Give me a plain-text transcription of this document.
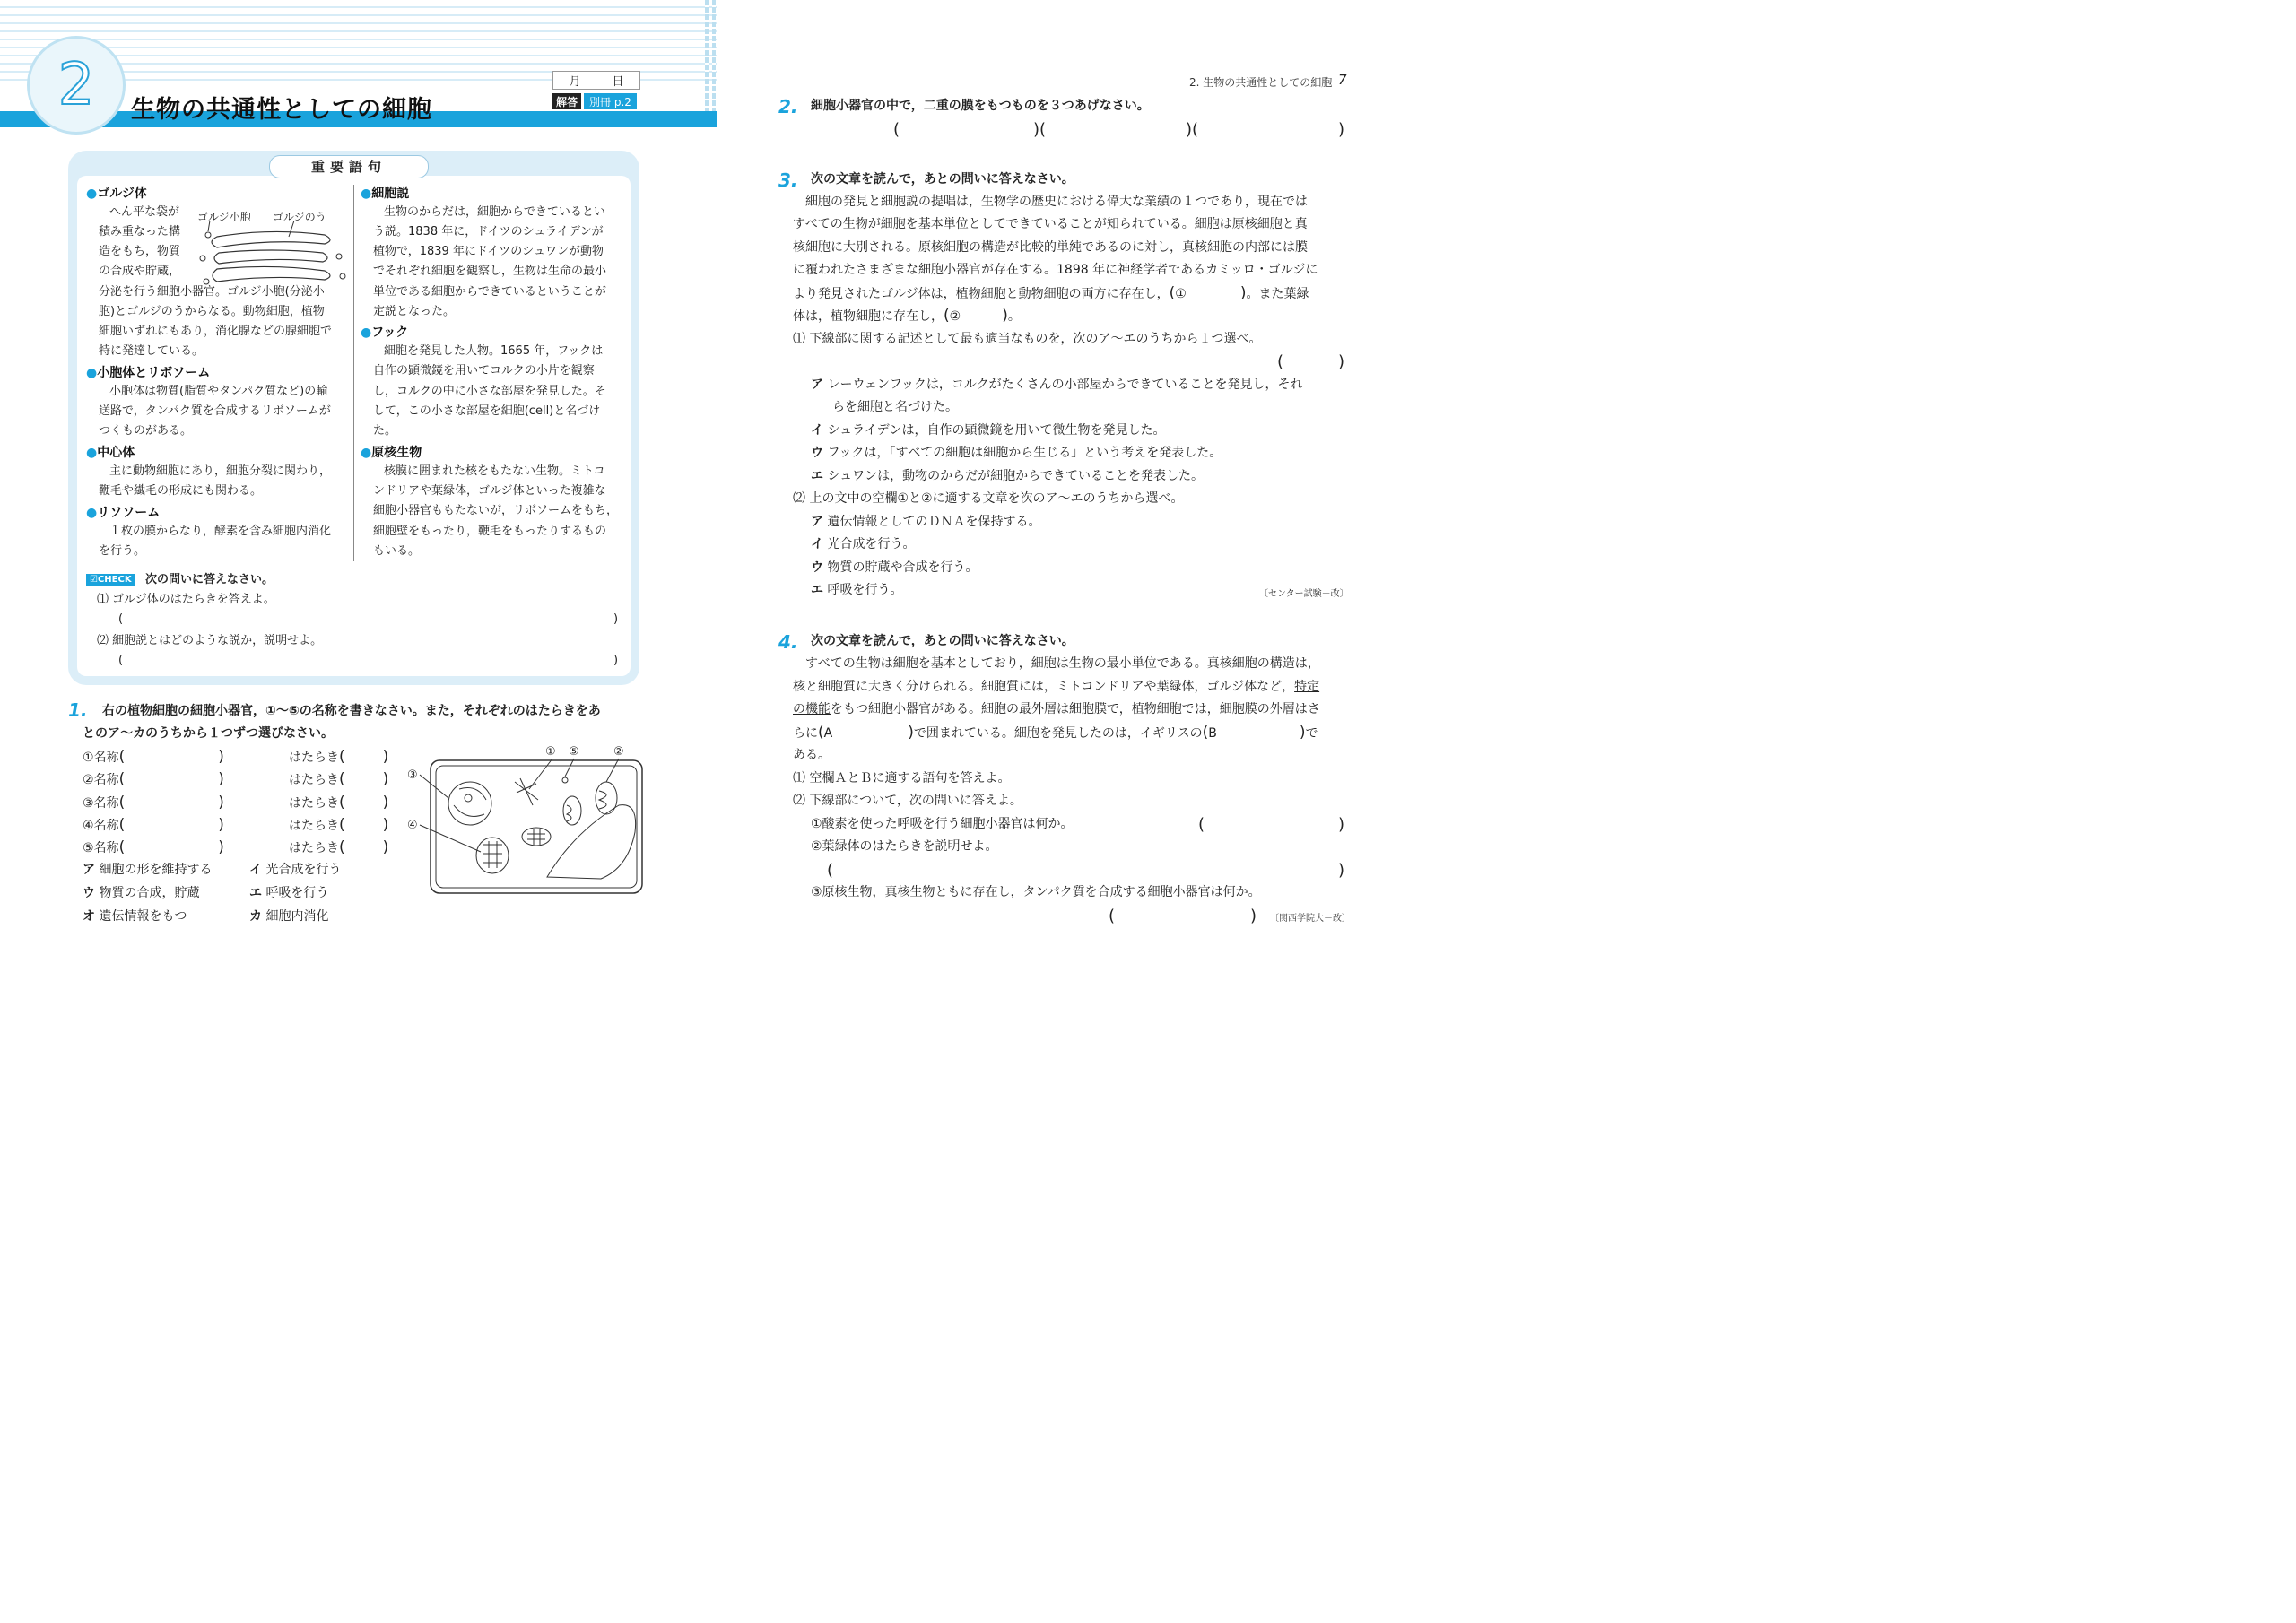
2 生物の共通性としての細胞
月	日
解答	別冊 p.2
重要語句
●ゴルジ体
へん平な袋が
積み重なった構
造をもち，物質
の合成や貯蔵，
分泌を行う細胞小器官。ゴルジ小胞(分泌小
胞)とゴルジのうからなる。動物細胞，植物
細胞いずれにもあり，消化腺などの腺細胞で
特に発達している。
ゴルジ小胞 ゴルジのう
●小胞体とリボソーム
小胞体は物質(脂質やタンパク質など)の輸
送路で，タンパク質を合成するリボソームが
つくものがある。
●中心体
主に動物細胞にあり，細胞分裂に関わり，
鞭毛や繊毛の形成にも関わる。
●リソソーム
１枚の膜からなり，酵素を含み細胞内消化
を行う。
●細胞説
生物のからだは，細胞からできているとい
う説。1838 年に，ドイツのシュライデンが
植物で，1839 年にドイツのシュワンが動物
でそれぞれ細胞を観察し，生物は生命の最小
単位である細胞からできているということが
定説となった。
●フック
細胞を発見した人物。1665 年，フックは
自作の顕微鏡を用いてコルクの小片を観察
し，コルクの中に小さな部屋を発見した。そ
して，この小さな部屋を細胞(cell)と名づけ
た。
●原核生物
核膜に囲まれた核をもたない生物。ミトコ
ンドリアや葉緑体，ゴルジ体といった複雑な
細胞小器官ももたないが，リボソームをもち，
細胞壁をもったり，鞭毛をもったりするもの
もいる。
☑CHECK	次の問いに答えなさい。
⑴ ゴルジ体のはたらきを答えよ。
(	)
⑵ 細胞説とはどのような説か，説明せよ。
(	)
1. 右の植物細胞の細胞小器官，①～⑤の名称を書きなさい。また，それぞれのはたらきをあ
とのア～カのうちから１つずつ選びなさい。
①名称(	)	はたらき( )
②名称(	)	はたらき( )
③名称(	)	はたらき( )
④名称(	)	はたらき( )
⑤名称(	)	はたらき( )
ア 細胞の形を維持する	イ 光合成を行う
ウ 物質の合成，貯蔵	エ 呼吸を行う
オ 遺伝情報をもつ	カ 細胞内消化
① ⑤	②
③
④
2. 生物の共通性としての細胞 7
2. 細胞小器官の中で，二重の膜をもつものを３つあげなさい。
(	)(	)(	)
3. 次の文章を読んで，あとの問いに答えなさい。
細胞の発見と細胞説の提唱は，生物学の歴史における偉大な業績の１つであり，現在では
すべての生物が細胞を基本単位としてできていることが知られている。細胞は原核細胞と真
核細胞に大別される。原核細胞の構造が比較的単純であるのに対し，真核細胞の内部には膜
に覆われたさまざまな細胞小器官が存在する。1898 年に神経学者であるカミッロ・ゴルジに
より発見されたゴルジ体は，植物細胞と動物細胞の両方に存在し，(①	)。また葉緑
体は，植物細胞に存在し，(②	)。
⑴ 下線部に関する記述として最も適当なものを，次のア～エのうちから１つ選べ。
(	)
ア レーウェンフックは，コルクがたくさんの小部屋からできていることを発見し，それ
らを細胞と名づけた。
イ シュライデンは，自作の顕微鏡を用いて微生物を発見した。
ウ フックは，「すべての細胞は細胞から生じる」という考えを発表した。
エ シュワンは，動物のからだが細胞からできていることを発表した。
⑵ 上の文中の空欄①と②に適する文章を次のア～エのうちから選べ。
ア 遺伝情報としてのＤＮＡを保持する。
イ 光合成を行う。
ウ 物質の貯蔵や合成を行う。
エ 呼吸を行う。	〔センター試験－改〕
4. 次の文章を読んで，あとの問いに答えなさい。
すべての生物は細胞を基本としており，細胞は生物の最小単位である。真核細胞の構造は，
核と細胞質に大きく分けられる。細胞質には，ミトコンドリアや葉緑体，ゴルジ体など，特定
の機能をもつ細胞小器官がある。細胞の最外層は細胞膜で，植物細胞では，細胞膜の外層はさ
らに(A	)で囲まれている。細胞を発見したのは，イギリスの(B	)で
ある。
⑴ 空欄ＡとＢに適する語句を答えよ。
⑵ 下線部について，次の問いに答えよ。
①酸素を使った呼吸を行う細胞小器官は何か。	(	)
②葉緑体のはたらきを説明せよ。
(	)
③原核生物，真核生物ともに存在し，タンパク質を合成する細胞小器官は何か。
(	) 〔関西学院大－改〕
